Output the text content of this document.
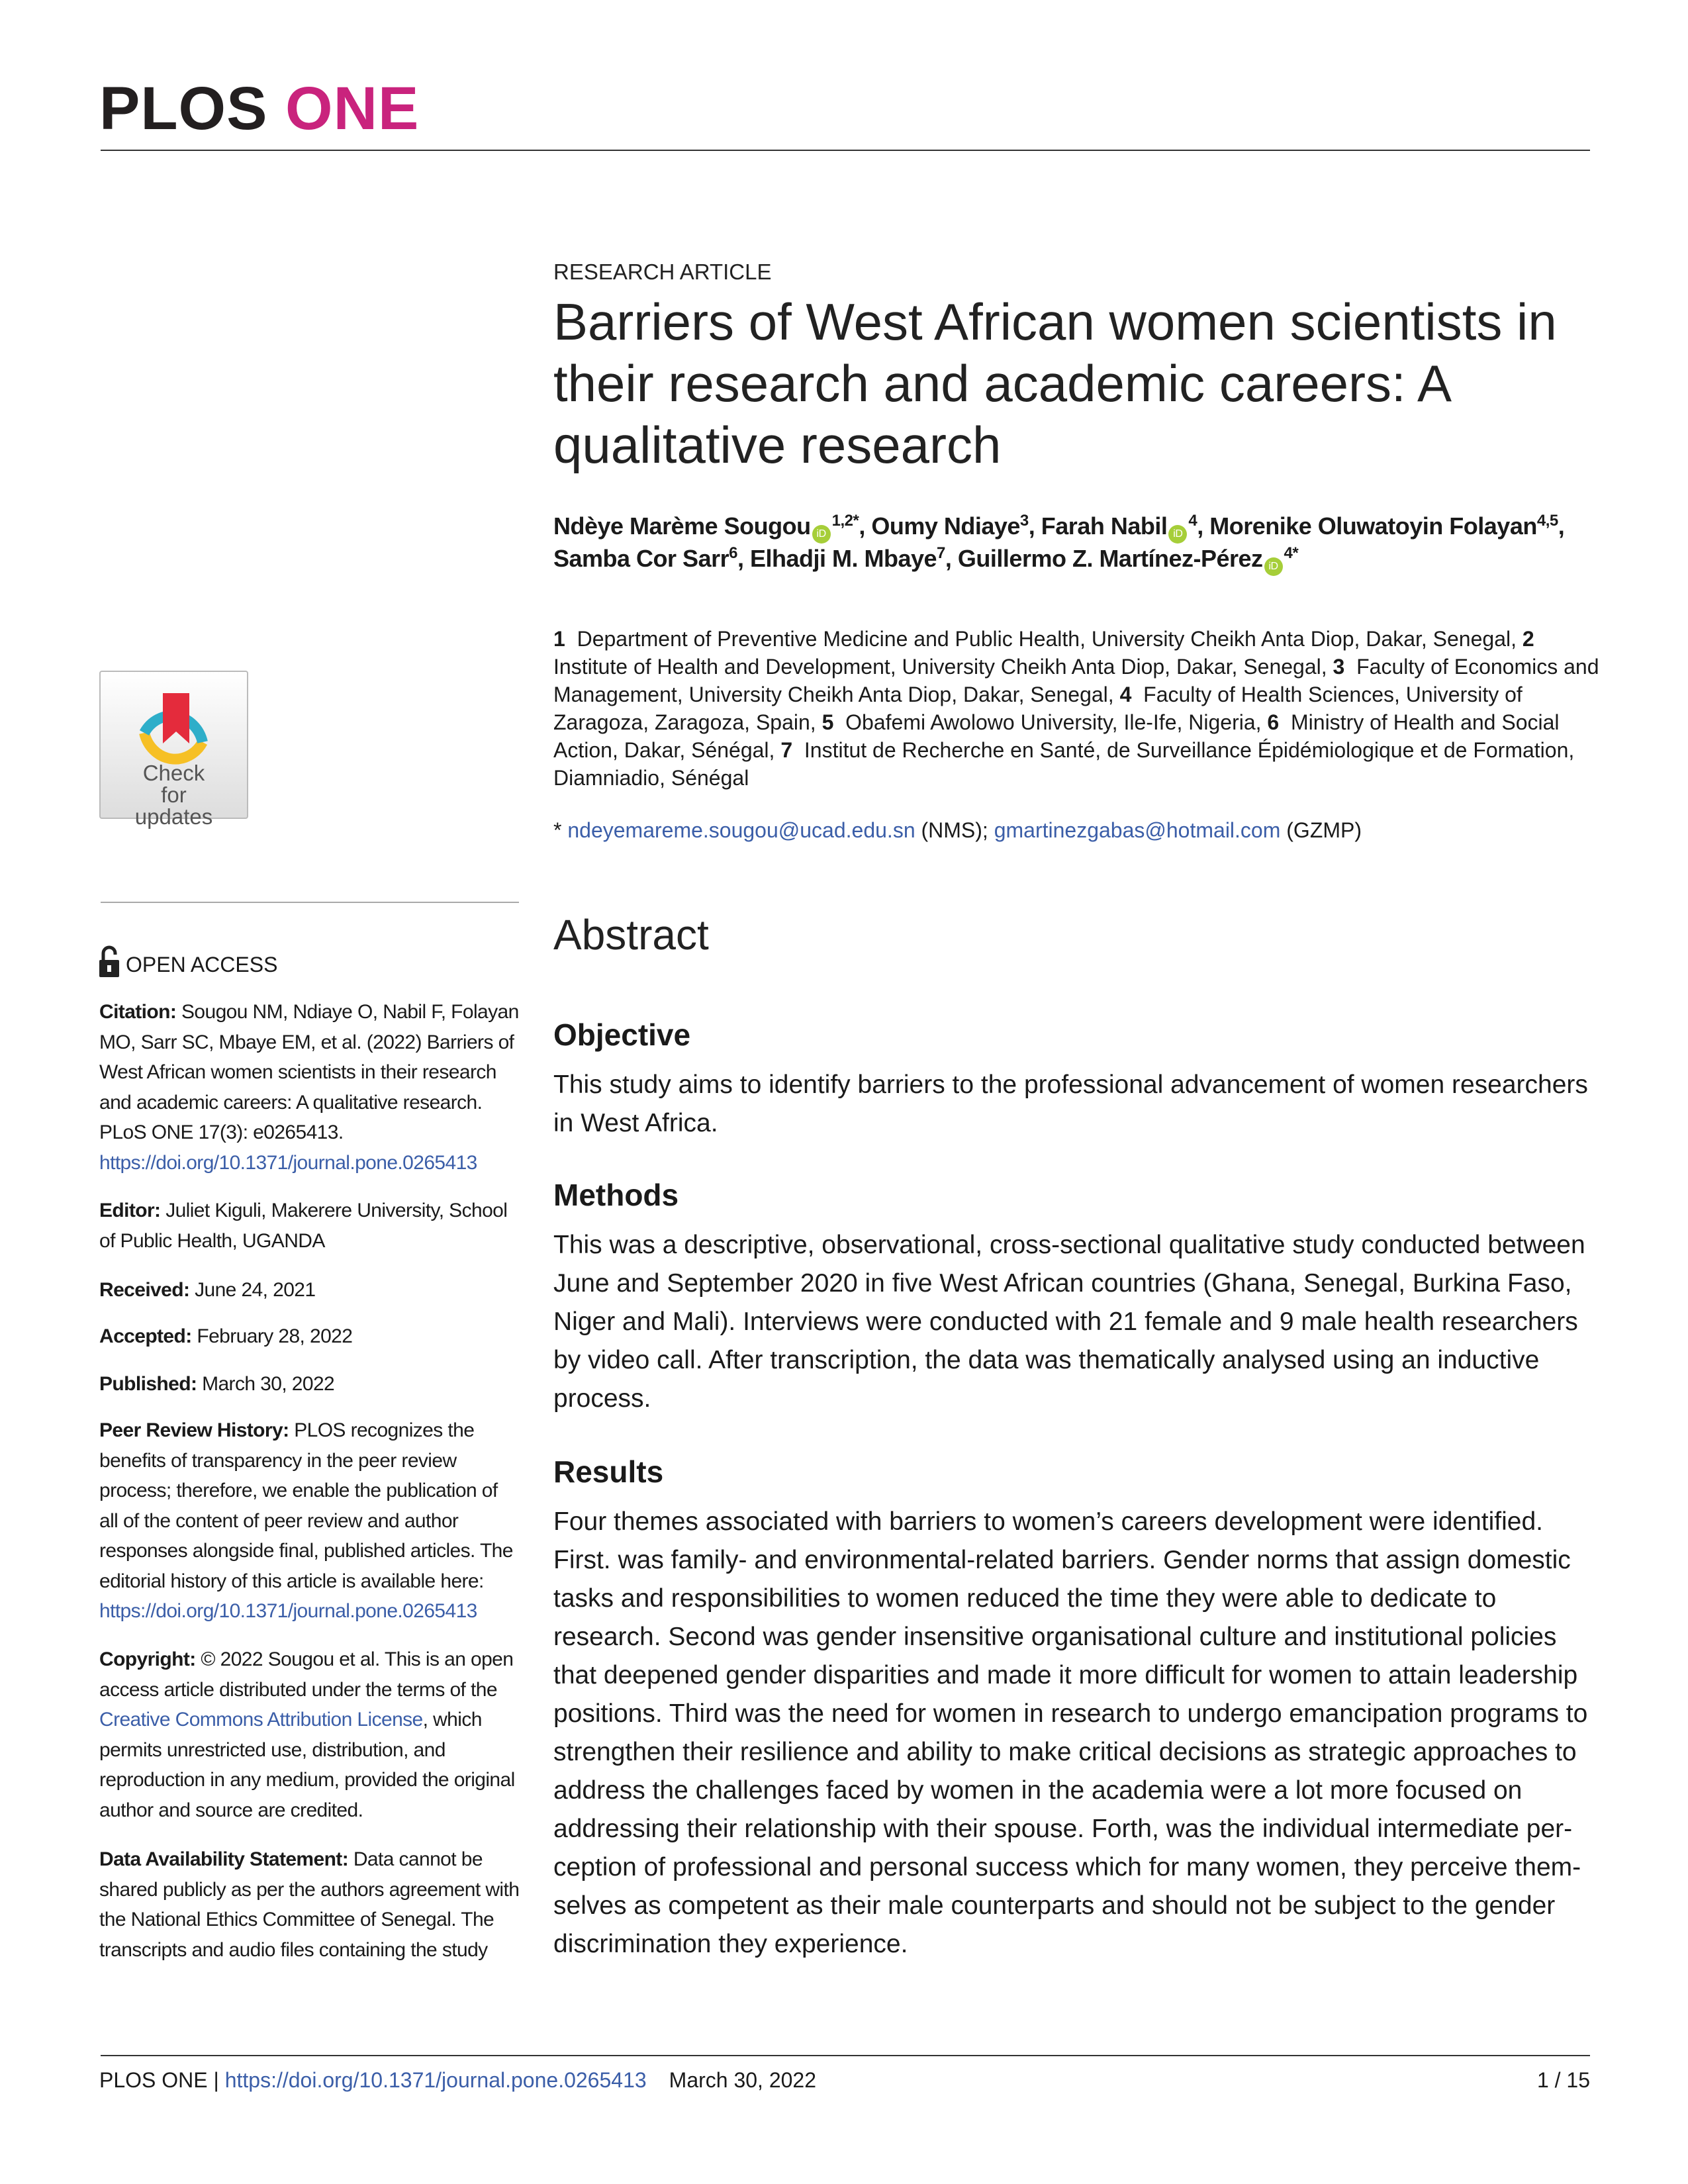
PLOS ONE
Check for updates
OPEN ACCESS
Citation: Sougou NM, Ndiaye O, Nabil F, Folayan MO, Sarr SC, Mbaye EM, et al. (2022) Barriers of West African women scientists in their research and academic careers: A qualitative research. PLoS ONE 17(3): e0265413. https://doi.org/10.1371/journal.pone.0265413
Editor: Juliet Kiguli, Makerere University, School of Public Health, UGANDA
Received: June 24, 2021
Accepted: February 28, 2022
Published: March 30, 2022
Peer Review History: PLOS recognizes the benefits of transparency in the peer review process; therefore, we enable the publication of all of the content of peer review and author responses alongside final, published articles. The editorial history of this article is available here: https://doi.org/10.1371/journal.pone.0265413
Copyright: © 2022 Sougou et al. This is an open access article distributed under the terms of the Creative Commons Attribution License, which permits unrestricted use, distribution, and reproduction in any medium, provided the original author and source are credited.
Data Availability Statement: Data cannot be shared publicly as per the authors agreement with the National Ethics Committee of Senegal. The transcripts and audio files containing the study
RESEARCH ARTICLE
Barriers of West African women scientists in
their research and academic careers: A
qualitative research
Ndèye Marème Sougou $iD^{1,2*}$, Oumy Ndiaye$^3$, Farah Nabil $iD^4$, Morenike Oluwatoyin Folayan$^{4,5}$, Samba Cor Sarr$^6$, Elhadji M. Mbaye$^7$, Guillermo Z. Martínez-Pérez $iD^{4*}$
1 Department of Preventive Medicine and Public Health, University Cheikh Anta Diop, Dakar, Senegal, 2  Institute of Health and Development, University Cheikh Anta Diop, Dakar, Senegal, 3 Faculty of Economics and Management, University Cheikh Anta Diop, Dakar, Senegal, 4 Faculty of Health Sciences, University of Zaragoza, Zaragoza, Spain, 5 Obafemi Awolowo University, Ile-Ife, Nigeria, 6 Ministry of Health and Social Action, Dakar, Sénégal, 7 Institut de Recherche en Santé, de Surveillance Épidémiologique et de Formation, Diamniadio, Sénégal
* ndeyemareme.sougou@ucad.edu.sn (NMS); gmartinezgabas@hotmail.com (GZMP)
Abstract
Objective
This study aims to identify barriers to the professional advancement of women researchers
in West Africa.
Methods
This was a descriptive, observational, cross-sectional qualitative study conducted between
June and September 2020 in five West African countries (Ghana, Senegal, Burkina Faso,
Niger and Mali). Interviews were conducted with 21 female and 9 male health researchers
by video call. After transcription, the data was thematically analysed using an inductive
process.
Results
Four themes associated with barriers to women’s careers development were identified.
First. was family- and environmental-related barriers. Gender norms that assign domestic
tasks and responsibilities to women reduced the time they were able to dedicate to
research. Second was gender insensitive organisational culture and institutional policies
that deepened gender disparities and made it more difficult for women to attain leadership
positions. Third was the need for women in research to undergo emancipation programs to
strengthen their resilience and ability to make critical decisions as strategic approaches to
address the challenges faced by women in the academia were a lot more focused on
addressing their relationship with their spouse. Forth, was the individual intermediate per-
ception of professional and personal success which for many women, they perceive them-
selves as competent as their male counterparts and should not be subject to the gender
discrimination they experience.
PLOS ONE | https://doi.org/10.1371/journal.pone.0265413 March 30, 2022	1 / 15
